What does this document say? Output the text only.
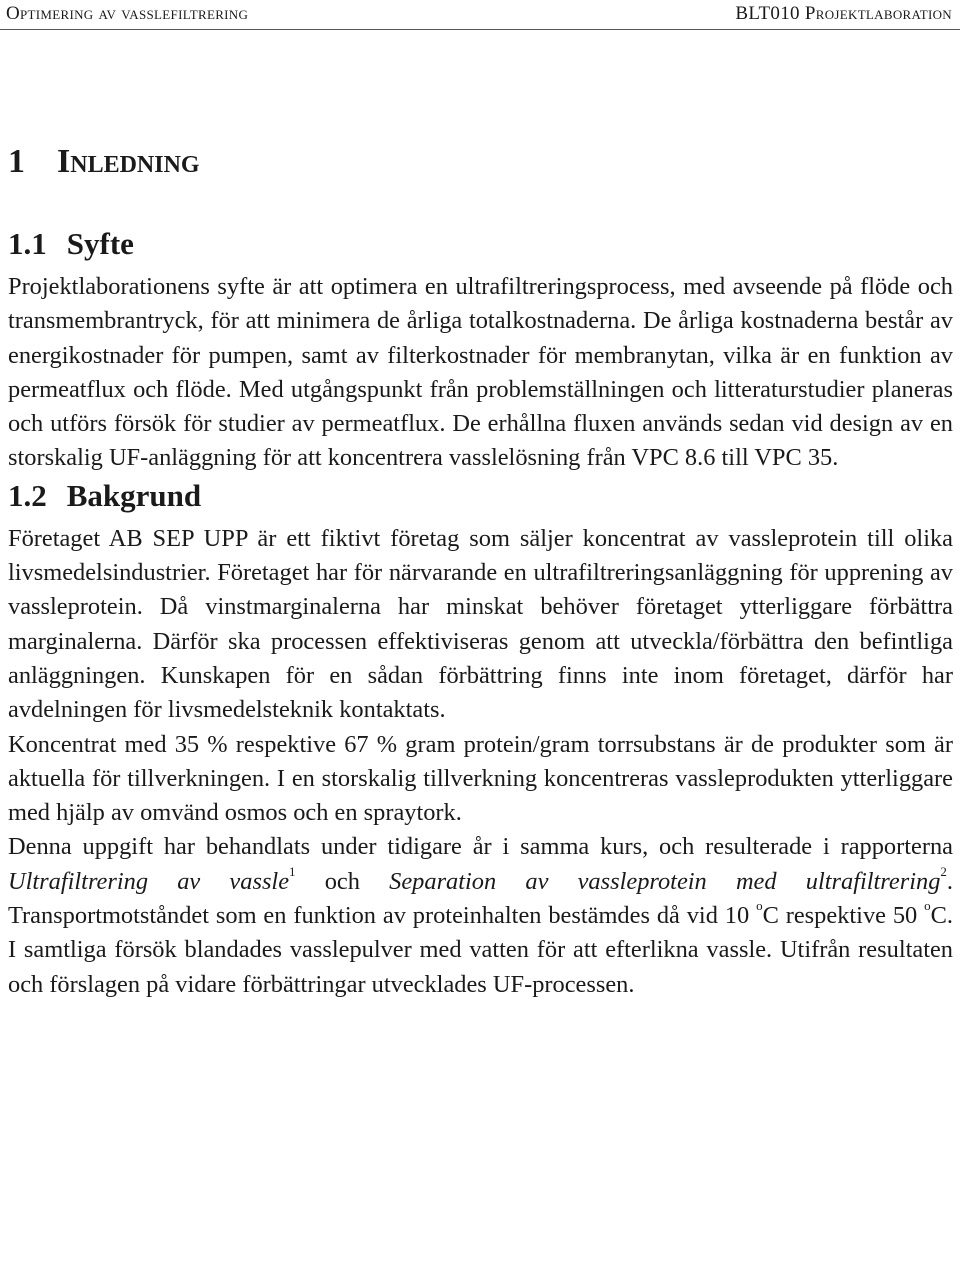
Optimering av vasslefiltrering	BLT010 Projektlaboration
1 Inledning
1.1 Syfte

Projektlaborationens syfte är att optimera en ultrafiltreringsprocess, med avseende på flöde och transmembrantryck, för att minimera de årliga totalkostnaderna. De årliga kostnaderna består av energikostnader för pumpen, samt av filterkostnader för membranytan, vilka är en funktion av permeatflux och flöde. Med utgångspunkt från problemställningen och litteraturstudier planeras och utförs försök för studier av permeatflux. De erhållna fluxen används sedan vid design av en storskalig UF-anläggning för att koncentrera vasslelösning från VPC 8.6 till VPC 35.

1.2 Bakgrund

Företaget AB SEP UPP är ett fiktivt företag som säljer koncentrat av vassleprotein till olika livsmedelsindustrier. Företaget har för närvarande en ultrafiltreringsanläggning för upprening av vassleprotein. Då vinstmarginalerna har minskat behöver företaget ytterliggare förbättra marginalerna. Därför ska processen effektiviseras genom att utveckla/förbättra den befintliga anläggningen. Kunskapen för en sådan förbättring finns inte inom företaget, därför har avdelningen för livsmedelsteknik kontaktats.

Koncentrat med 35 % respektive 67 % gram protein/gram torrsubstans är de produkter som är aktuella för tillverkningen. I en storskalig tillverkning koncentreras vassleprodukten ytterliggare med hjälp av omvänd osmos och en spraytork.

Denna uppgift har behandlats under tidigare år i samma kurs, och resulterade i rapporterna Ultrafiltrering av vassle$^1$ och Separation av vassleprotein med ultrafiltrering$^2$. Transportmotståndet som en funktion av proteinhalten bestämdes då vid 10 $^o$C respektive 50 $^o$C. I samtliga försök blandades vasslepulver med vatten för att efterlikna vassle. Utifrån resultaten och förslagen på vidare förbättringar utvecklades UF-processen.
